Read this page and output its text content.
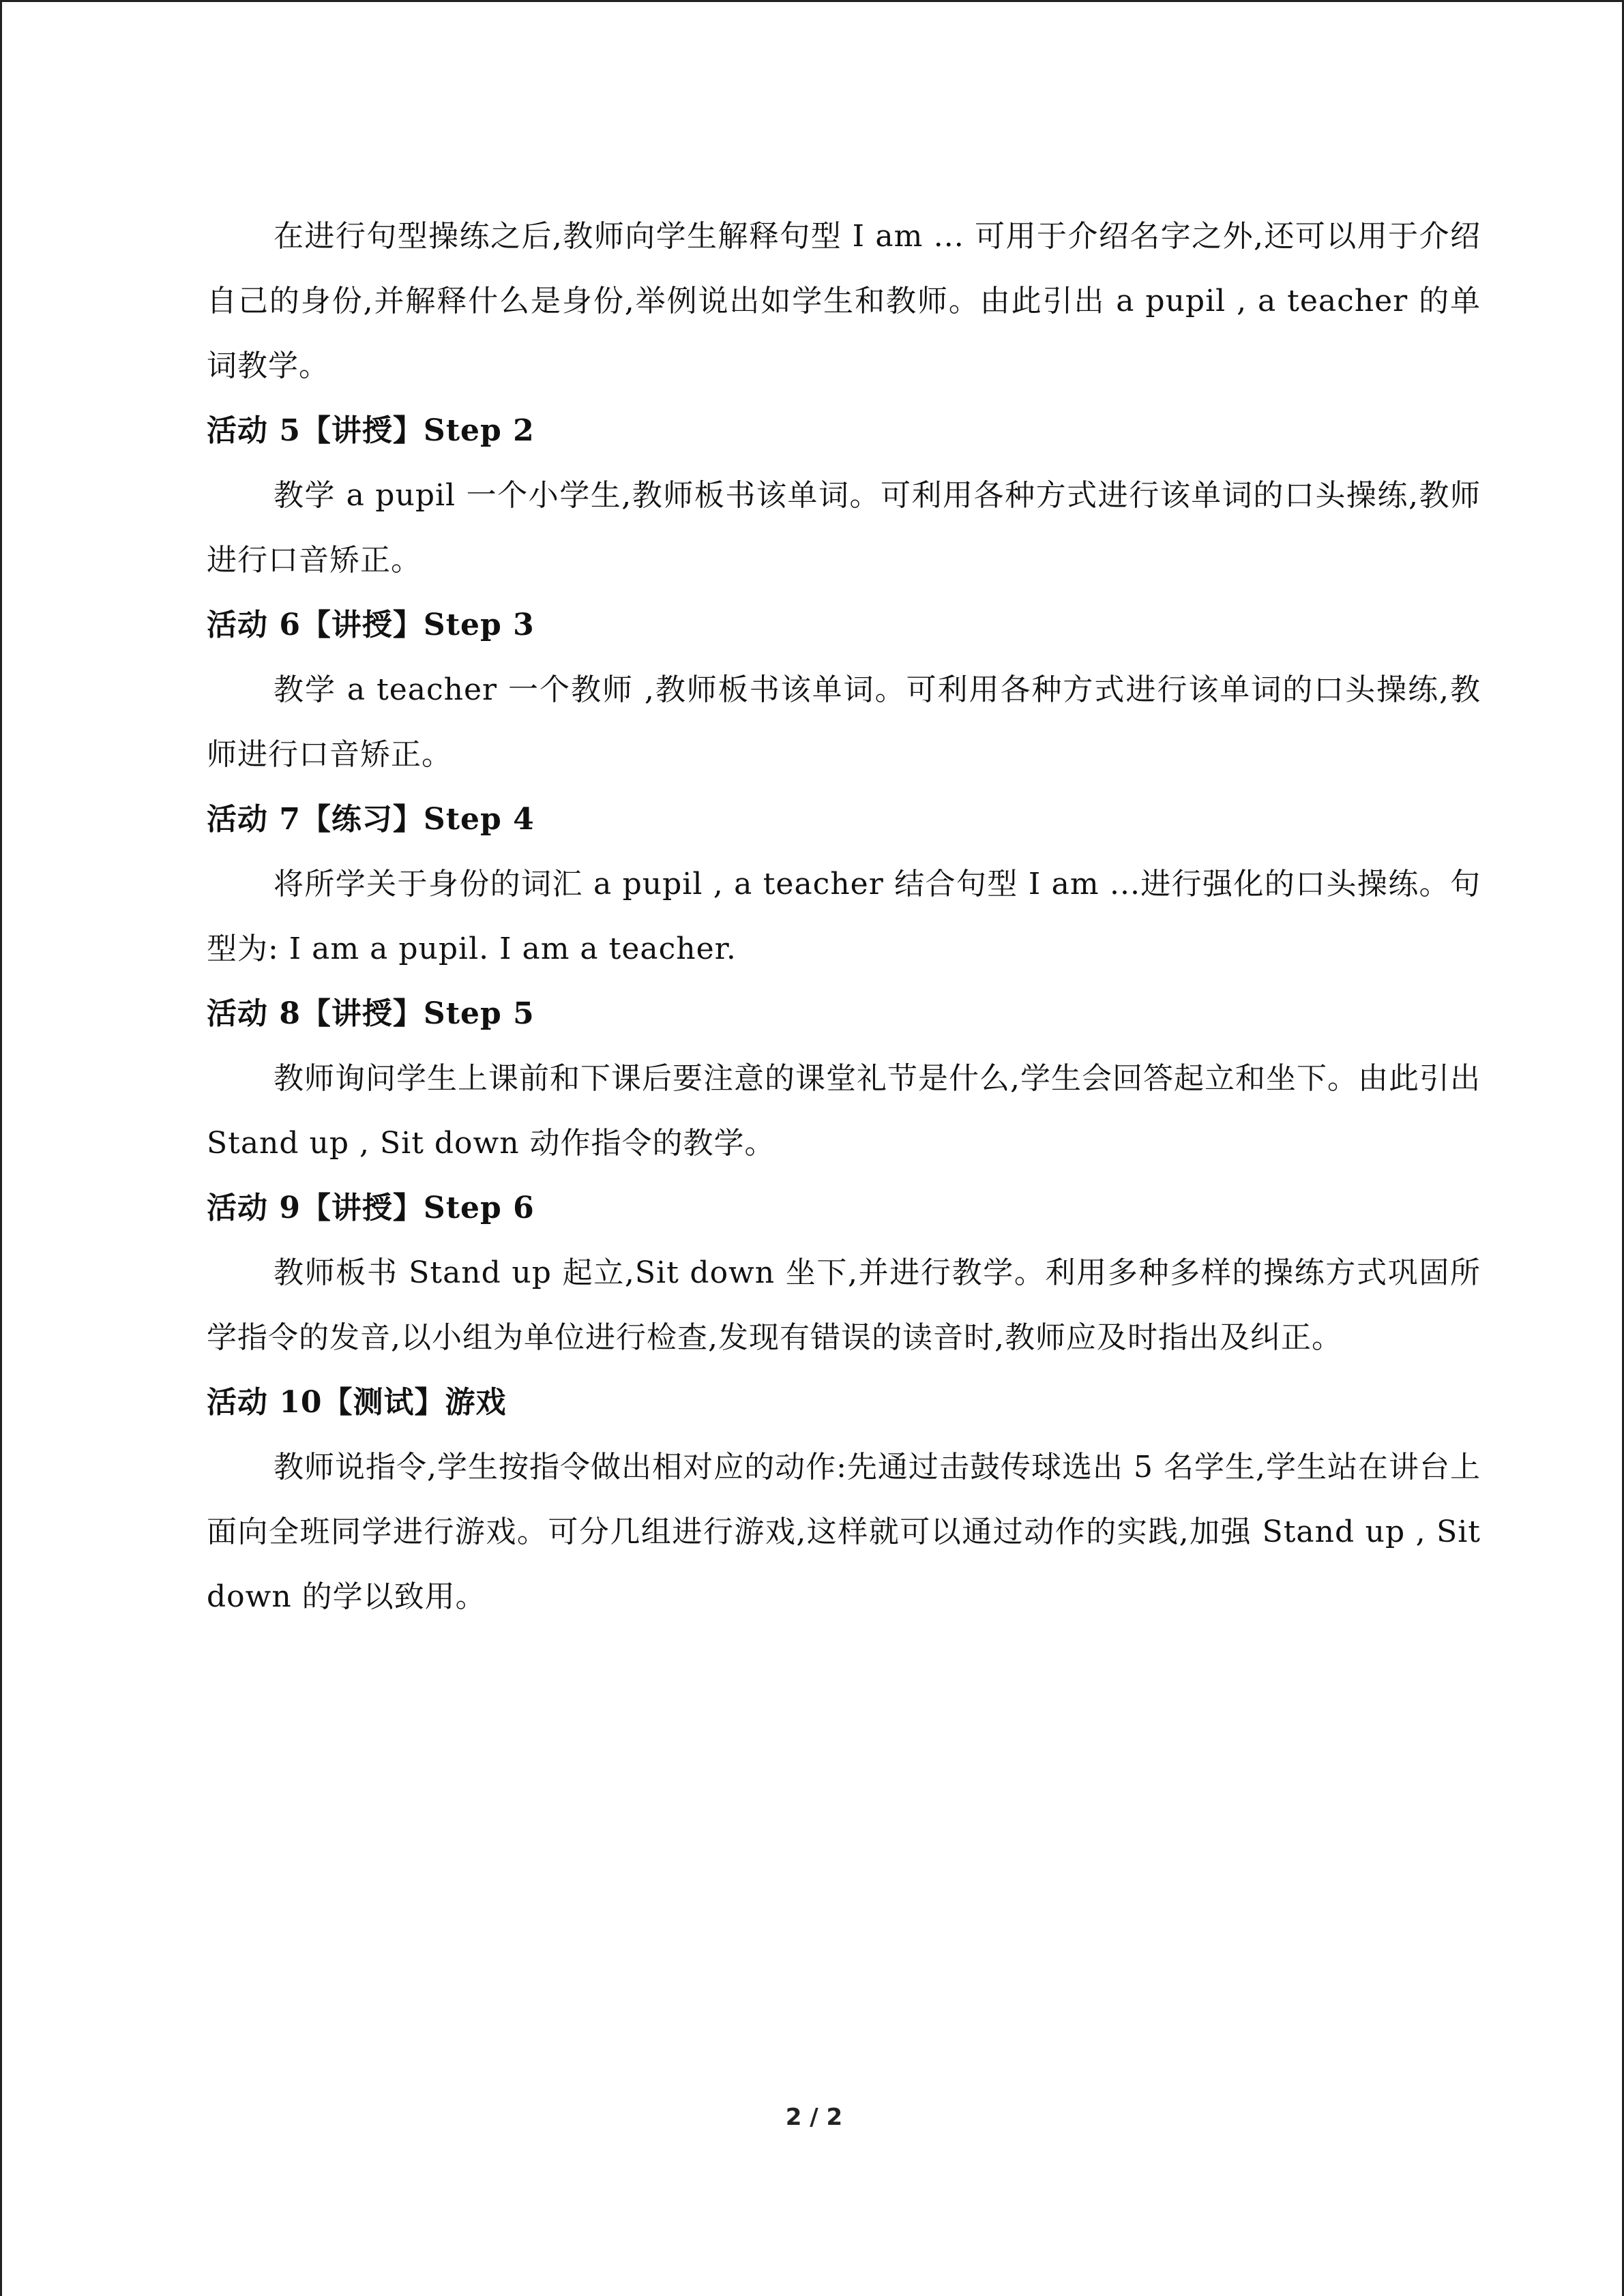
在进行句型操练之后,教师向学生解释句型 I am ... 可用于介绍名字之外,还可以用于介绍自己的身份,并解释什么是身份,举例说出如学生和教师。由此引出 a pupil , a teacher 的单词教学。

活动 5【讲授】Step 2

教学 a pupil 一个小学生,教师板书该单词。可利用各种方式进行该单词的口头操练,教师进行口音矫正。

活动 6【讲授】Step 3

教学 a teacher 一个教师 ,教师板书该单词。可利用各种方式进行该单词的口头操练,教师进行口音矫正。

活动 7【练习】Step 4

将所学关于身份的词汇 a pupil , a teacher 结合句型 I am ...进行强化的口头操练。句型为: I am a pupil. I am a teacher.

活动 8【讲授】Step 5

教师询问学生上课前和下课后要注意的课堂礼节是什么,学生会回答起立和坐下。由此引出 Stand up , Sit down 动作指令的教学。

活动 9【讲授】Step 6

教师板书 Stand up 起立,Sit down 坐下,并进行教学。利用多种多样的操练方式巩固所学指令的发音,以小组为单位进行检查,发现有错误的读音时,教师应及时指出及纠正。

活动 10【测试】游戏

教师说指令,学生按指令做出相对应的动作:先通过击鼓传球选出 5 名学生,学生站在讲台上面向全班同学进行游戏。可分几组进行游戏,这样就可以通过动作的实践,加强 Stand up , Sit down 的学以致用。

2 / 2
